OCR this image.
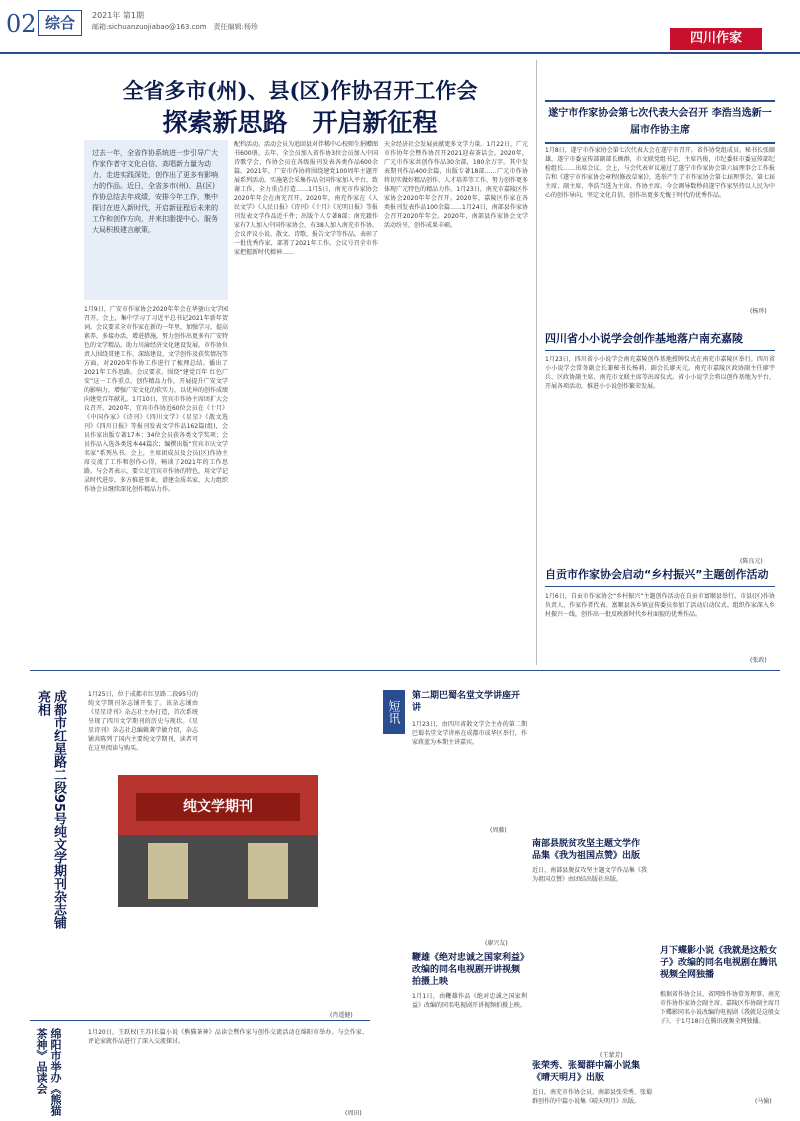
02 综合	2021年 第1期
邮箱:sichuanzuojiabao@163.com　 责任编辑:杨珍
四川作家
全省多市(州)、县(区)作协召开工作会
探索新思路　开启新征程
过去一年，全省作协系统进一步引导广大作家作者守文化自信、高唱新力量为动力，走进实践深处，创作出了更多有影响力的作品。近日，全省多市(州)、县(区)作协总结去年成绩，安排今年工作，集中探讨在进入新时代，开启新征程后未来的工作和创作方向，并来扣脂提中心、服务大局积极建言献策。
1月9日，广安市作家协会2020年年会在华蓥山文学园召开。会上，集中学习了习近平总书记2021年新年贺词。会议要求全市作家在新的一年里，加强学习，提高素养，多接办活，增进措施，努力创作出更多有广安特色的文学精品，助力川渝经济文化建设发展。市作协负责人围绕贯建工作、深练建设、文学创作及获奖情况等方面，对2020年作协工作进行了梳理总结。播出了2021年工作思路。会议要求，围绕“建党百年 红色广安”这一工作重点，创作精品力作，开展提升广安文学的影响力，增强广安文化的软实力，以优异的创作成绩向建党百年献礼。1月10日，宜宾市作协主席团扩大会议召开。2020年，宜宾市作协近60位会员在《十月》《中国作家》《诗刊》《四川文学》《星星》《散文选刊》《四川日报》等报刊发表文学作品162篇(组)，会员作家出版专著17本；34位会员获各类文学奖项；会员作品入选各类选本44篇次；编撰出版“宜宾市庆文学名家”系列丛书。会上，主席团成员及会员(区)作协主席交流了工作和创作心得，畅谈了2021年的工作思路。与会者表示，要立足宜宾市作协的特色，用文学记录时代进步，多方推进事业，谱建金质名家，大力组织作协会员继续深化创作精品力作。
配档活动。活动会员为追回县对伴稀中心校师生捐赠图书600册。去年，全会员加入省作协3位会员加入中国诗歌学会，作协会员在各级报刊发表各类作品600余篇。2021年，广安市作协将围绕建党100周年主题开展系列活动。实施笔会采集作品全国作家加入平台，致谢工作，全力重点打造……1月5日，南充市作家协会2020年年会在南充召开。2020年，南充作家在《人民文学》《人民日报》《诗刊》《十月》《光明日报》等报刊发表文学作品近千件；出版个人专著8部；南充籍作家有7人加入中国作家协会，有38人加入南充市作协。会议评议小说、散文、诗歌、报告文学等作品，表彰了一批优秀作家，部署了2021年工作。会议号召全市作家把握新时代精神……
天全经济社会发展贡献更多文学力量。1月22日，广元市作协年会暨作协召开2021迎春茶话会。2020年，广元市作家共创作作品30余部，180余万字。其中发表期刊作品400余篇，出版专著18部……广元市作协将切实做好精品创作、人才培养等工作，努力创作更多体现广元特色的精品力作。1月23日，南充市嘉陵区作家协会2020年年会召开。2020年，嘉陵区作家在各类报刊发表作品100余篇……1月24日，南部县作家协会召开2020年年会。2020年，南部县作家协会文学活动纷呈，创作成果丰硕。
遂宁市作家协会第七次代表大会召开 李浩当选新一届市作协主席
1月8日，遂宁市作家协会第七次代表大会在遂宁市召开。省作协党组成员、秘书长张颐雄，遂宁市委宣传部副部长顾群，市文联党组书记、主席冯俊，市纪委驻市委宣传部纪检组长……出席会议。会上，与会代表审议通过了遂宁市作家协会第六届理事会工作报告和《遂宁市作家协会章程(修改草案)》，选举产生了市作家协会第七届理事会。第七届主席、副主席、李浩当选为主席。作协主席。今会调导数秒荷遂宁作家坚持以人民为中心的创作导向，坚定文化自信，创作出更多无愧于时代的优秀作品。
(杨珍)
四川省小小说学会创作基地落户南充嘉陵
1月23日，四川省小小说学会南充嘉陵创作基地授牌仪式在南充市嘉陵区举行。四川省小小说学会常务副会长兼秘书长杨莉、副会长廖天元，南充市嘉陵区政协副主任廖宇兵、区政协副主席、南充市文联主席等出席仪式。省小小说学会将以创作基地为平台，开展各项活动，推进小小说创作繁荣发展。
(陈良元)
自贡市作家协会启动“乡村振兴”主题创作活动
1月6日，自贡市作家协会“乡村振兴”主题创作活动在自贡市富顺县举行。市县(区)作协负责人、作家作者代表、富顺县各乡镇宣传委员参加了活动启动仪式。组织作家深入乡村振兴一线，创作出一批反映新时代乡村面貌的优秀作品。
(张政)
成都市红星路二段95号纯文学期刊杂志铺亮相	1月25日，位于成都市红星路二段95号的纯文学期刊杂志铺开张了。该杂志铺由《星星诗刊》杂志社主办打造，首次系统呈现了四川文学期刊的历史与现状。《星星诗刊》杂志社总编辑龚学敏介绍，杂志铺共陈列了国内主要纯文学期刊，读者可在这里阅读与购买。
纯文学期刊
(肖遥健)
绵阳市举办《熊猫茶神》品读会	1月20日，王跃权(王苏)长篇小说《熊猫茶神》品读会暨作家与创作交流活动在绵阳市举办。与会作家、评论家就作品进行了深入交流探讨。
(周田)
短讯
第二期巴蜀名堂文学讲座开讲
1月23日，由四川省散文学会主办的第二期巴蜀名堂文学讲座在成都市成华区举行，作家蒋蓝为本期主讲嘉宾。
(周藤)
南部县脱贫攻坚主题文学作品集《我为祖国点赞》出版
近日，南部县脱贫攻坚主题文学作品集《我为祖国点赞》由团结出版社出版。
(廖兴友)
鞭雄《绝对忠诚之国家利益》改编的同名电视剧开讲视频拍摄上映
1月1日，由鞭雄作品《绝对忠诚之国家利益》改编的同名电视剧开讲视频拍摄上映。
(王蒙芳)
张荣秀、张蜀群中篇小说集《晴天明月》出版
近日，南充市作协会员、南部县张荣秀、张蜀群创作的中篇小说集《晴天明月》出版。
月下蝶影小说《我就是这般女子》改编的同名电视剧在腾讯视频全网独播
根据省作协会员、省网络作协常务理事、南充市作协作家协会副主席、嘉陵区作协副主席月下蝶影同名小说改编的电视剧《我就是这般女子》，于1月18日在腾讯视频全网独播。
(马愉)
